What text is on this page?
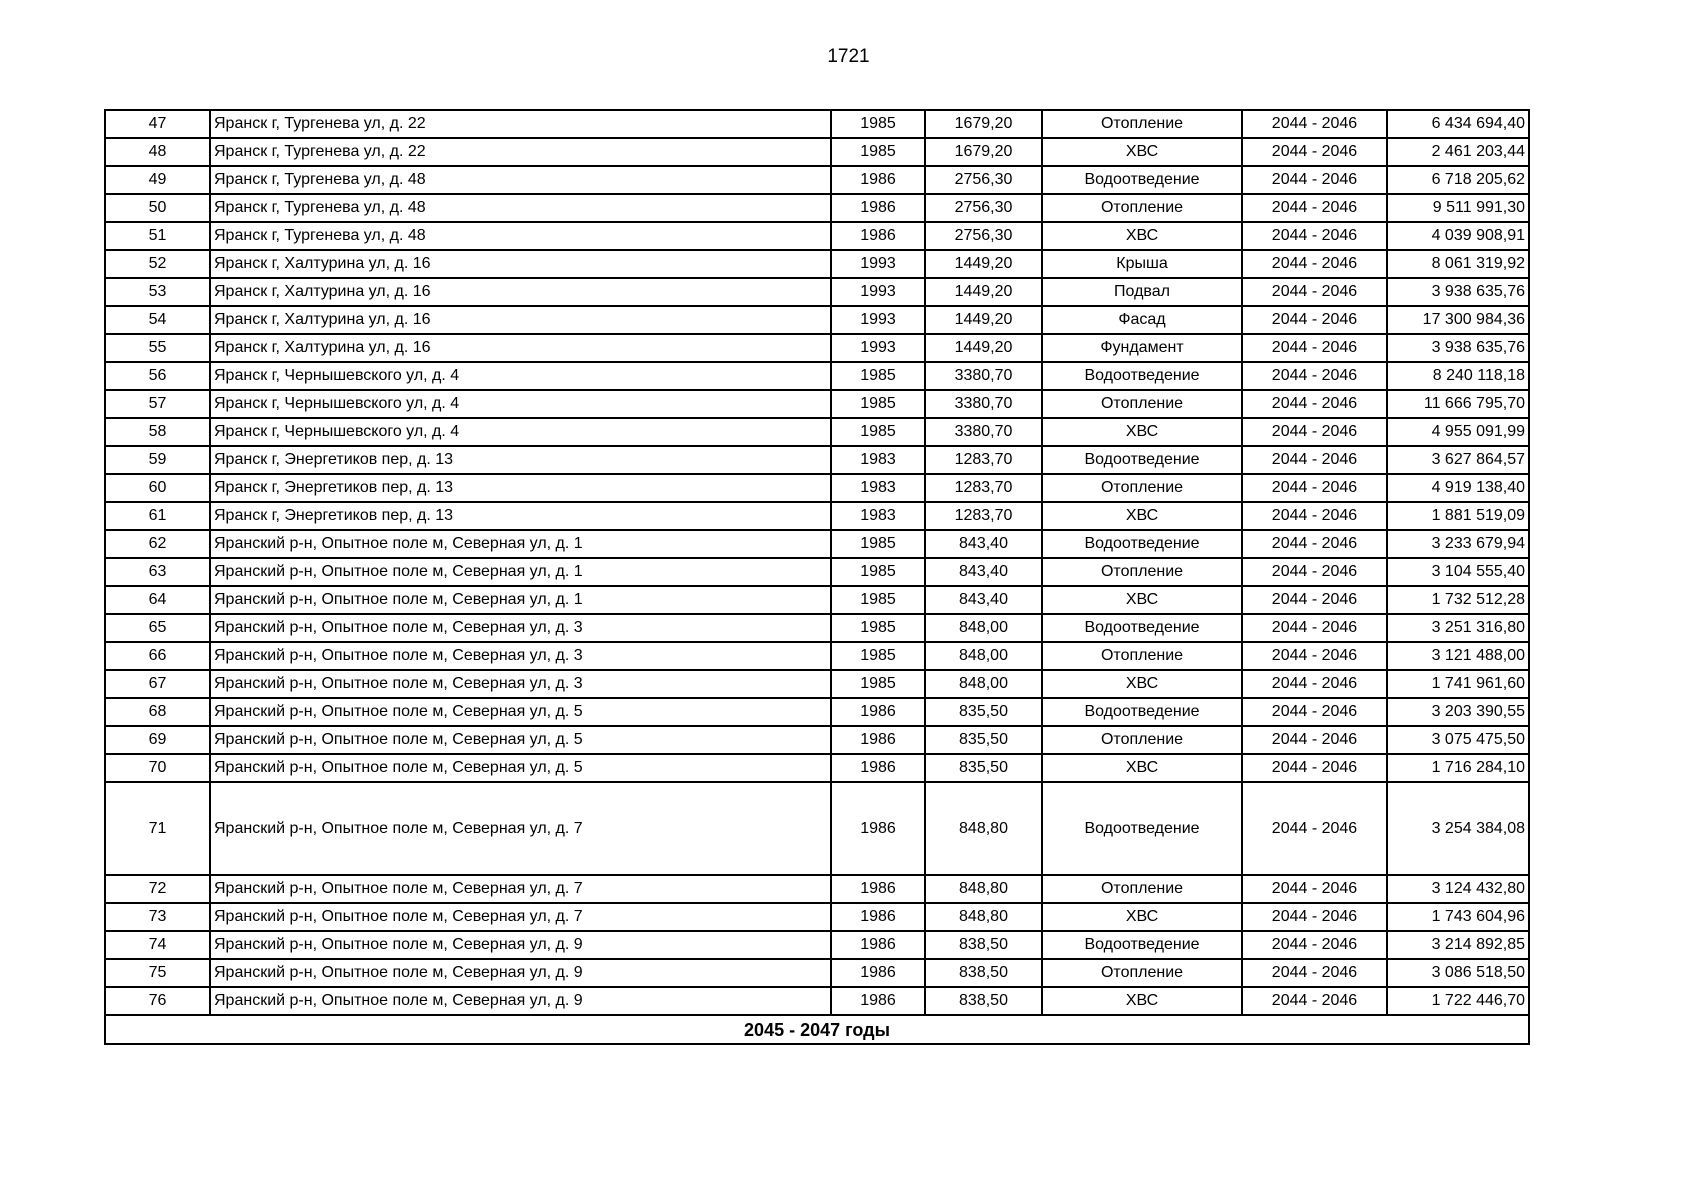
1721
47	Яранск г, Тургенева ул, д. 22	1985	1679,20	Отопление	2044 - 2046	6 434 694,40
48	Яранск г, Тургенева ул, д. 22	1985	1679,20	ХВС	2044 - 2046	2 461 203,44
49	Яранск г, Тургенева ул, д. 48	1986	2756,30	Водоотведение	2044 - 2046	6 718 205,62
50	Яранск г, Тургенева ул, д. 48	1986	2756,30	Отопление	2044 - 2046	9 511 991,30
51	Яранск г, Тургенева ул, д. 48	1986	2756,30	ХВС	2044 - 2046	4 039 908,91
52	Яранск г, Халтурина ул, д. 16	1993	1449,20	Крыша	2044 - 2046	8 061 319,92
53	Яранск г, Халтурина ул, д. 16	1993	1449,20	Подвал	2044 - 2046	3 938 635,76
54	Яранск г, Халтурина ул, д. 16	1993	1449,20	Фасад	2044 - 2046	17 300 984,36
55	Яранск г, Халтурина ул, д. 16	1993	1449,20	Фундамент	2044 - 2046	3 938 635,76
56	Яранск г, Чернышевского ул, д. 4	1985	3380,70	Водоотведение	2044 - 2046	8 240 118,18
57	Яранск г, Чернышевского ул, д. 4	1985	3380,70	Отопление	2044 - 2046	11 666 795,70
58	Яранск г, Чернышевского ул, д. 4	1985	3380,70	ХВС	2044 - 2046	4 955 091,99
59	Яранск г, Энергетиков пер, д. 13	1983	1283,70	Водоотведение	2044 - 2046	3 627 864,57
60	Яранск г, Энергетиков пер, д. 13	1983	1283,70	Отопление	2044 - 2046	4 919 138,40
61	Яранск г, Энергетиков пер, д. 13	1983	1283,70	ХВС	2044 - 2046	1 881 519,09
62	Яранский р-н, Опытное поле м, Северная ул, д. 1	1985	843,40	Водоотведение	2044 - 2046	3 233 679,94
63	Яранский р-н, Опытное поле м, Северная ул, д. 1	1985	843,40	Отопление	2044 - 2046	3 104 555,40
64	Яранский р-н, Опытное поле м, Северная ул, д. 1	1985	843,40	ХВС	2044 - 2046	1 732 512,28
65	Яранский р-н, Опытное поле м, Северная ул, д. 3	1985	848,00	Водоотведение	2044 - 2046	3 251 316,80
66	Яранский р-н, Опытное поле м, Северная ул, д. 3	1985	848,00	Отопление	2044 - 2046	3 121 488,00
67	Яранский р-н, Опытное поле м, Северная ул, д. 3	1985	848,00	ХВС	2044 - 2046	1 741 961,60
68	Яранский р-н, Опытное поле м, Северная ул, д. 5	1986	835,50	Водоотведение	2044 - 2046	3 203 390,55
69	Яранский р-н, Опытное поле м, Северная ул, д. 5	1986	835,50	Отопление	2044 - 2046	3 075 475,50
70	Яранский р-н, Опытное поле м, Северная ул, д. 5	1986	835,50	ХВС	2044 - 2046	1 716 284,10
71	Яранский р-н, Опытное поле м, Северная ул, д. 7	1986	848,80	Водоотведение	2044 - 2046	3 254 384,08
72	Яранский р-н, Опытное поле м, Северная ул, д. 7	1986	848,80	Отопление	2044 - 2046	3 124 432,80
73	Яранский р-н, Опытное поле м, Северная ул, д. 7	1986	848,80	ХВС	2044 - 2046	1 743 604,96
74	Яранский р-н, Опытное поле м, Северная ул, д. 9	1986	838,50	Водоотведение	2044 - 2046	3 214 892,85
75	Яранский р-н, Опытное поле м, Северная ул, д. 9	1986	838,50	Отопление	2044 - 2046	3 086 518,50
76	Яранский р-н, Опытное поле м, Северная ул, д. 9	1986	838,50	ХВС	2044 - 2046	1 722 446,70
2045 - 2047 годы						
